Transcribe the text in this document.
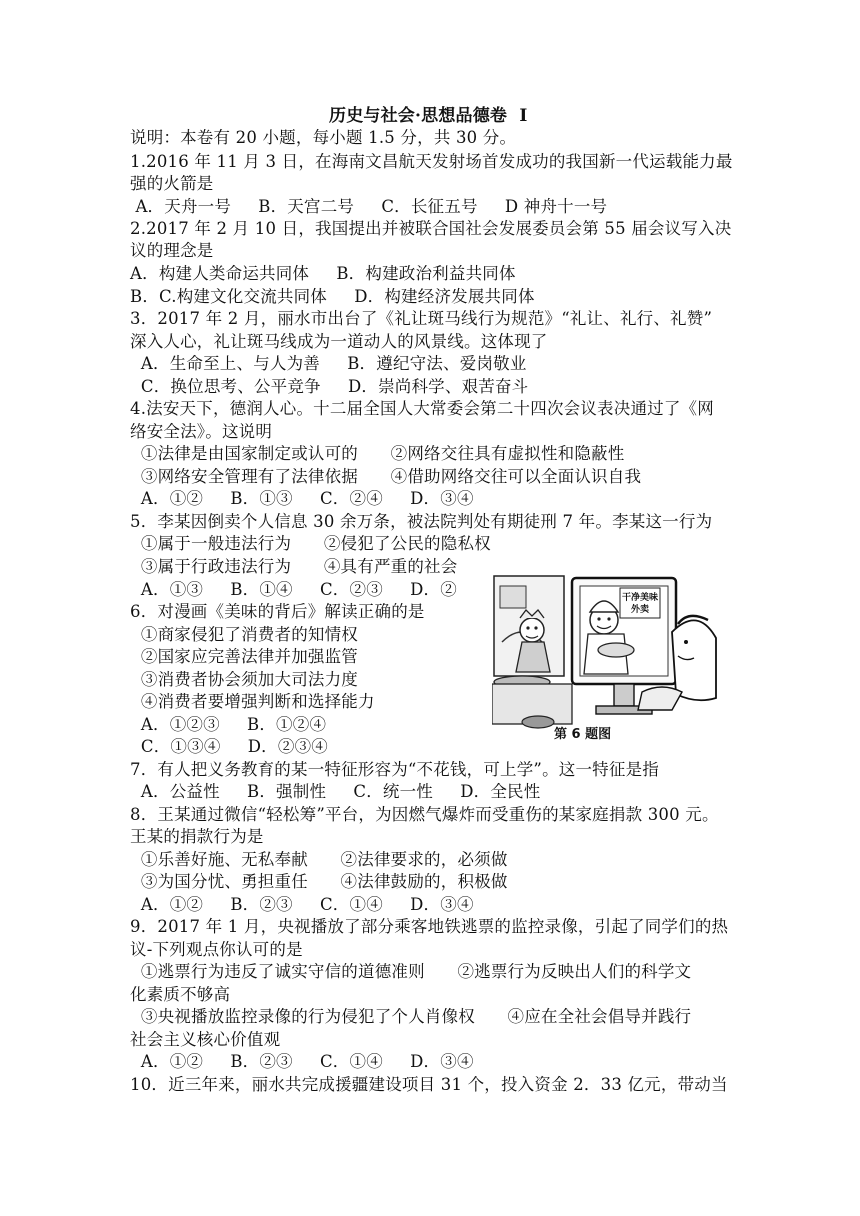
历史与社会·思想品德卷  Ⅰ
说明：本卷有 20 小题，每小题 1.5 分，共 30 分。
1.2016 年 11 月 3 日，在海南文昌航天发射场首发成功的我国新一代运载能力最
强的火箭是
A．天舟一号     B．天宫二号     C．长征五号     D 神舟十一号
2.2017 年 2 月 10 日，我国提出并被联合国社会发展委员会第 55 届会议写入决
议的理念是
A．构建人类命运共同体     B．构建政治利益共同体
B．C.构建文化交流共同体     D．构建经济发展共同体
3．2017 年 2 月，丽水市出台了《礼让斑马线行为规范》“礼让、礼行、礼赞”
深入人心，礼让斑马线成为一道动人的风景线。这体现了
A．生命至上、与人为善     B．遵纪守法、爱岗敬业
C．换位思考、公平竞争     D．崇尚科学、艰苦奋斗
4.法安天下，德润人心。十二届全国人大常委会第二十四次会议表决通过了《网
络安全法》。这说明
①法律是由国家制定或认可的      ②网络交往具有虚拟性和隐蔽性
③网络安全管理有了法律依据      ④借助网络交往可以全面认识自我
A．①②     B．①③     C．②④     D．③④
5．李某因倒卖个人信息 30 余万条，被法院判处有期徒刑 7 年。李某这一行为
①属于一般违法行为      ②侵犯了公民的隐私权
③属于行政违法行为      ④具有严重的社会
A．①③     B．①④     C．②③     D．②
6．对漫画《美味的背后》解读正确的是
①商家侵犯了消费者的知情权
②国家应完善法律并加强监管
③消费者协会须加大司法力度
④消费者要增强判断和选择能力
A．①②③     B．①②④
C．①③④     D．②③④
7．有人把义务教育的某一特征形容为“不花钱，可上学”。这一特征是指
A．公益性     B．强制性     C．统一性     D．全民性
8．王某通过微信“轻松筹”平台，为因燃气爆炸而受重伤的某家庭捐款 300 元。
王某的捐款行为是
①乐善好施、无私奉献      ②法律要求的，必须做
③为国分忧、勇担重任      ④法律鼓励的，积极做
A．①②     B．②③     C．①④     D．③④
9．2017 年 1 月，央视播放了部分乘客地铁逃票的监控录像，引起了同学们的热
议-下列观点你认可的是
①逃票行为违反了诚实守信的道德准则      ②逃票行为反映出人们的科学文
化素质不够高
③央视播放监控录像的行为侵犯了个人肖像权      ④应在全社会倡导并践行
社会主义核心价值观
A．①②     B．②③     C．①④     D．③④
10．近三年来，丽水共完成援疆建设项目 31 个，投入资金 2．33 亿元，带动当
干净美味
外卖
第 6 题图
